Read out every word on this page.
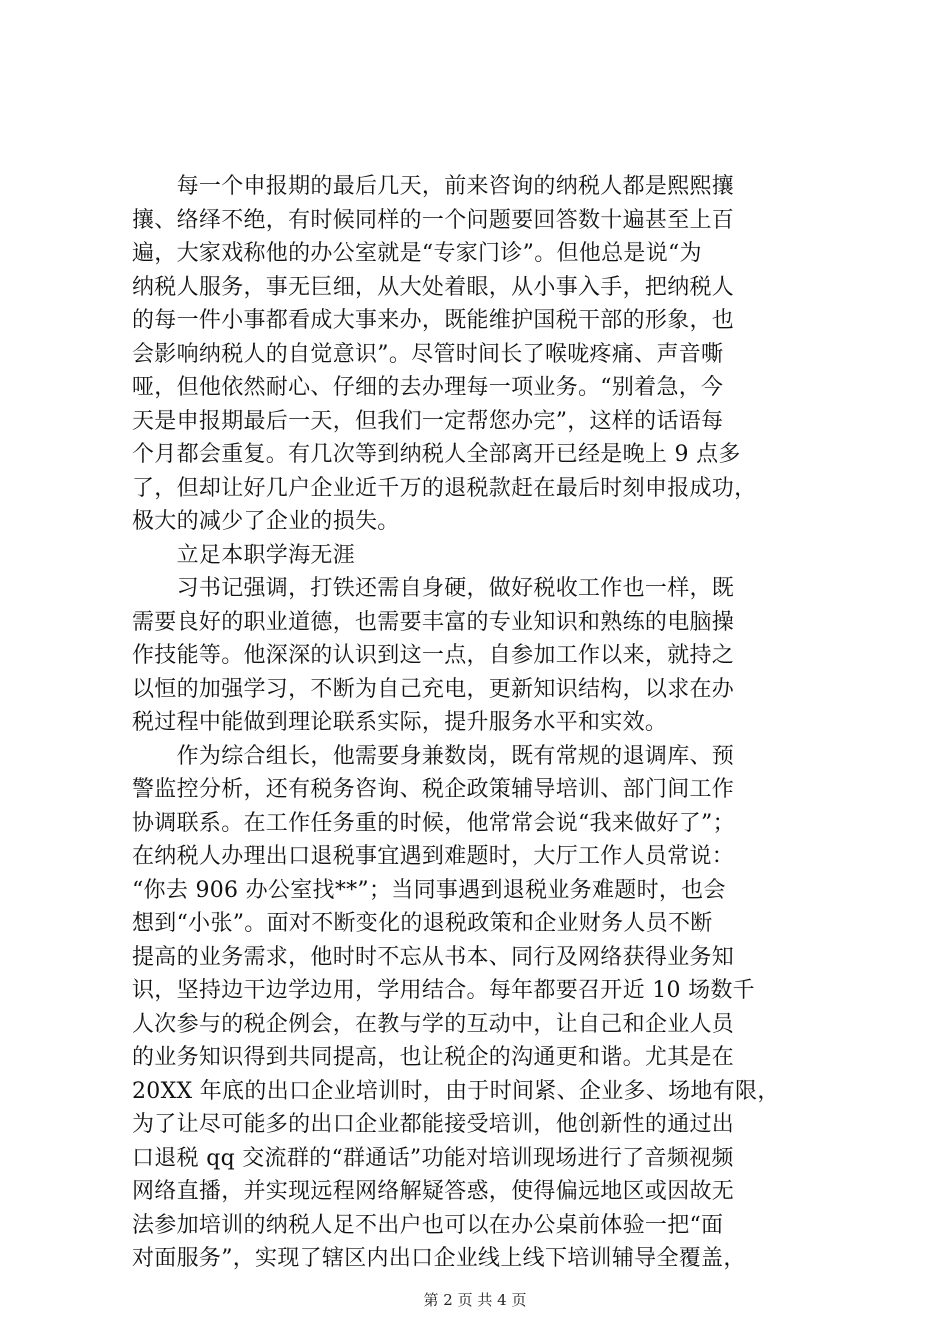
　　每一个申报期的最后几天，前来咨询的纳税人都是熙熙攘
攘、络绎不绝，有时候同样的一个问题要回答数十遍甚至上百
遍，大家戏称他的办公室就是“专家门诊”。但他总是说“为
纳税人服务，事无巨细，从大处着眼，从小事入手，把纳税人
的每一件小事都看成大事来办，既能维护国税干部的形象，也
会影响纳税人的自觉意识”。尽管时间长了喉咙疼痛、声音嘶
哑，但他依然耐心、仔细的去办理每一项业务。“别着急，今
天是申报期最后一天，但我们一定帮您办完”，这样的话语每
个月都会重复。有几次等到纳税人全部离开已经是晚上 9 点多
了，但却让好几户企业近千万的退税款赶在最后时刻申报成功，
极大的减少了企业的损失。
　　立足本职学海无涯
　　习书记强调，打铁还需自身硬，做好税收工作也一样，既
需要良好的职业道德，也需要丰富的专业知识和熟练的电脑操
作技能等。他深深的认识到这一点，自参加工作以来，就持之
以恒的加强学习，不断为自己充电，更新知识结构，以求在办
税过程中能做到理论联系实际，提升服务水平和实效。
　　作为综合组长，他需要身兼数岗，既有常规的退调库、预
警监控分析，还有税务咨询、税企政策辅导培训、部门间工作
协调联系。在工作任务重的时候，他常常会说“我来做好了”；
在纳税人办理出口退税事宜遇到难题时，大厅工作人员常说：
“你去 906 办公室找**”；当同事遇到退税业务难题时，也会
想到“小张”。面对不断变化的退税政策和企业财务人员不断
提高的业务需求，他时时不忘从书本、同行及网络获得业务知
识，坚持边干边学边用，学用结合。每年都要召开近 10 场数千
人次参与的税企例会，在教与学的互动中，让自己和企业人员
的业务知识得到共同提高，也让税企的沟通更和谐。尤其是在
20XX 年底的出口企业培训时，由于时间紧、企业多、场地有限，
为了让尽可能多的出口企业都能接受培训，他创新性的通过出
口退税 qq 交流群的“群通话”功能对培训现场进行了音频视频
网络直播，并实现远程网络解疑答惑，使得偏远地区或因故无
法参加培训的纳税人足不出户也可以在办公桌前体验一把“面
对面服务”，实现了辖区内出口企业线上线下培训辅导全覆盖，
第 2 页 共 4 页
